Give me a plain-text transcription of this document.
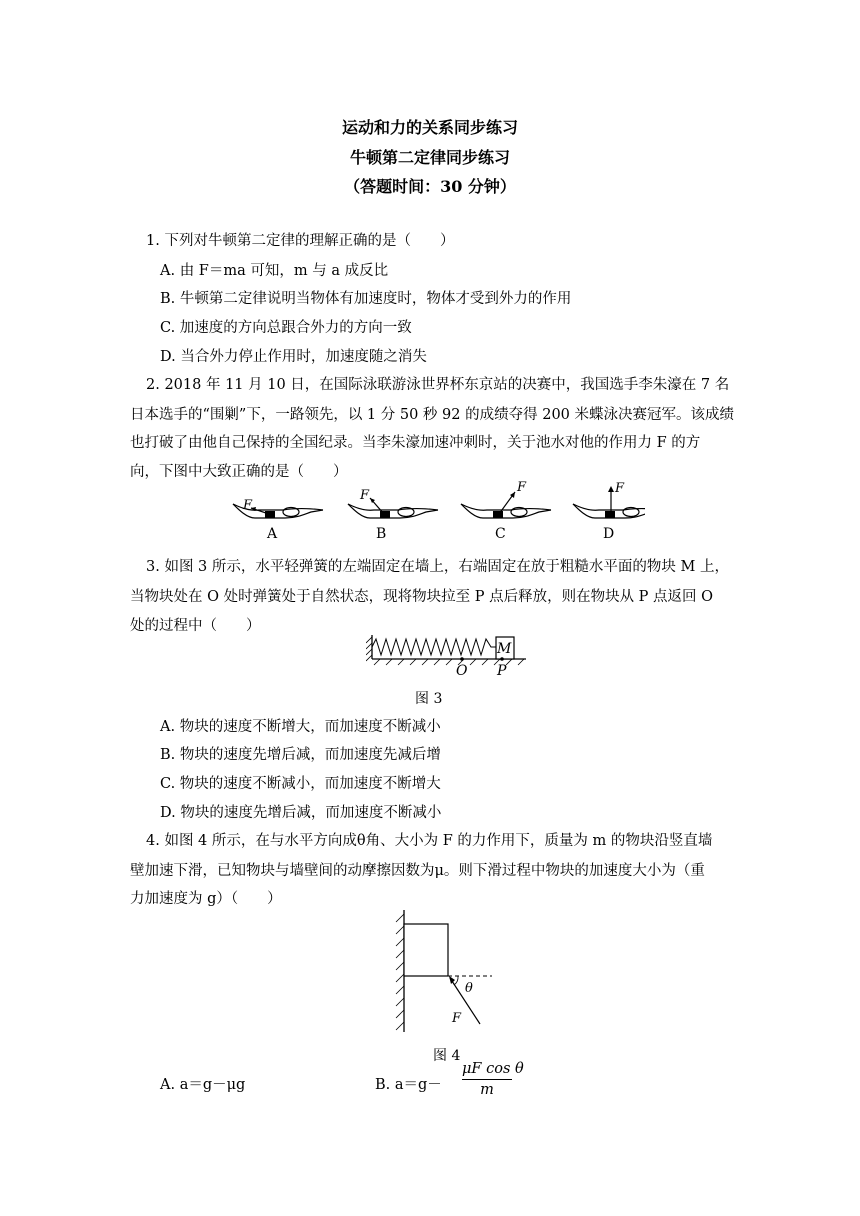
运动和力的关系同步练习
牛顿第二定律同步练习
（答题时间：30 分钟）
1. 下列对牛顿第二定律的理解正确的是（　　）
A. 由 F＝ma 可知，m 与 a 成反比
B. 牛顿第二定律说明当物体有加速度时，物体才受到外力的作用
C. 加速度的方向总跟合外力的方向一致
D. 当合外力停止作用时，加速度随之消失
2. 2018 年 11 月 10 日，在国际泳联游泳世界杯东京站的决赛中，我国选手李朱濠在 7 名
日本选手的“围剿”下，一路领先，以 1 分 50 秒 92 的成绩夺得 200 米蝶泳决赛冠军。该成绩
也打破了由他自己保持的全国纪录。当李朱濠加速冲刺时，关于池水对他的作用力 F 的方
向，下图中大致正确的是（　　）
F
A
F
B
F
C
F
D
3. 如图 3 所示，水平轻弹簧的左端固定在墙上，右端固定在放于粗糙水平面的物块 M 上，
当物块处在 O 处时弹簧处于自然状态，现将物块拉至 P 点后释放，则在物块从 P 点返回 O
处的过程中（　　）
M
O P
图 3
A. 物块的速度不断增大，而加速度不断减小
B. 物块的速度先增后减，而加速度先减后增
C. 物块的速度不断减小，而加速度不断增大
D. 物块的速度先增后减，而加速度不断减小
4. 如图 4 所示，在与水平方向成θ角、大小为 F 的力作用下，质量为 m 的物块沿竖直墙
壁加速下滑，已知物块与墙壁间的动摩擦因数为μ。则下滑过程中物块的加速度大小为（重
力加速度为 g）（　　）
θ
F
图 4
A. a＝g－μg	B. $a=g- \frac{\text{μF cos θ}}{m}$
